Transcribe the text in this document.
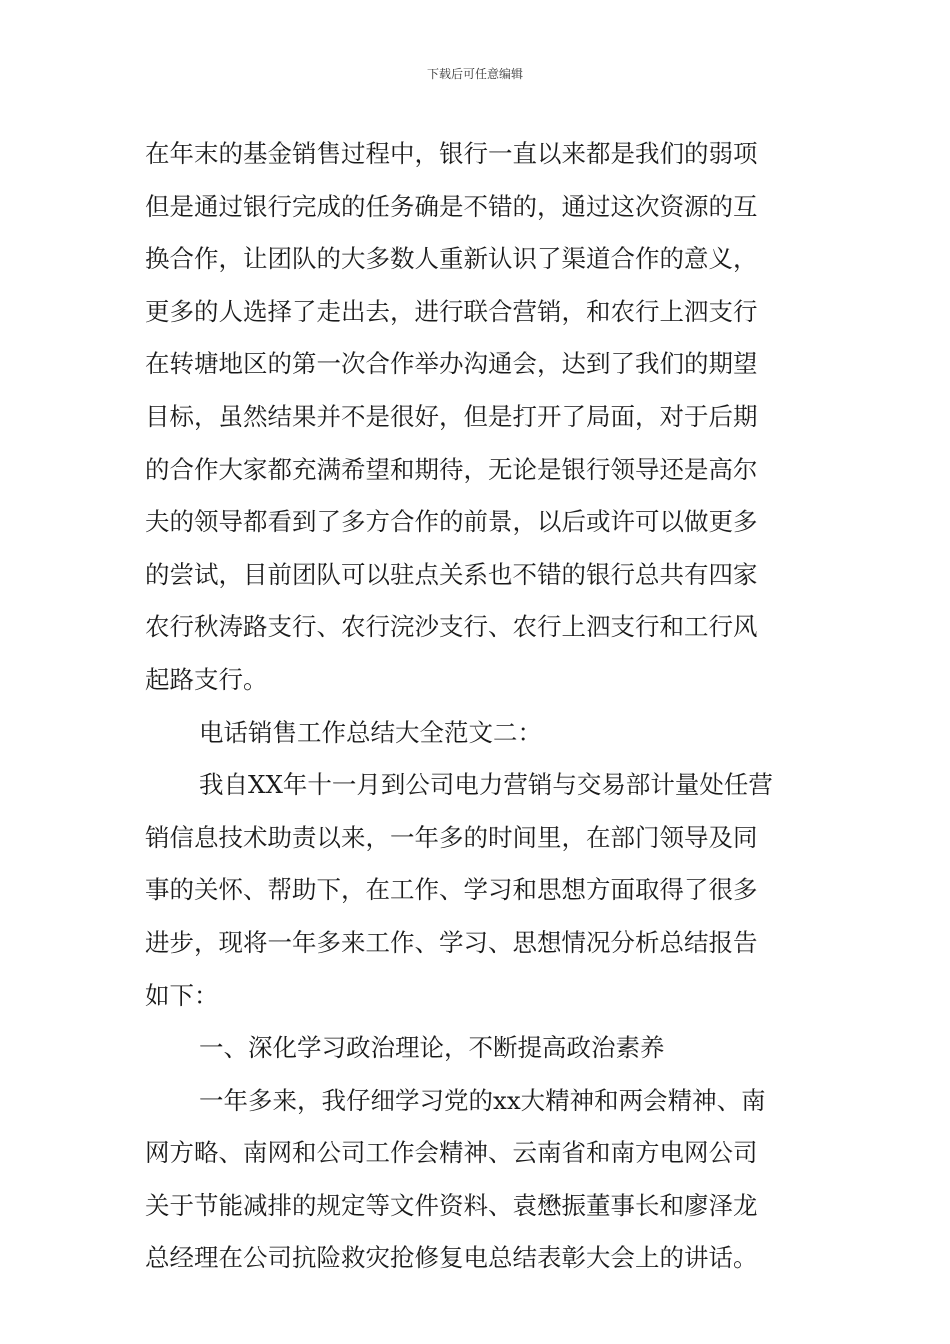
下载后可任意编辑
在年末的基金销售过程中，银行一直以来都是我们的弱项
但是通过银行完成的任务确是不错的，通过这次资源的互
换合作，让团队的大多数人重新认识了渠道合作的意义，
更多的人选择了走出去，进行联合营销，和农行上泗支行
在转塘地区的第一次合作举办沟通会，达到了我们的期望
目标，虽然结果并不是很好，但是打开了局面，对于后期
的合作大家都充满希望和期待，无论是银行领导还是高尔
夫的领导都看到了多方合作的前景，以后或许可以做更多
的尝试，目前团队可以驻点关系也不错的银行总共有四家
农行秋涛路支行、农行浣沙支行、农行上泗支行和工行风
起路支行。
电话销售工作总结大全范文二：
我自XX年十一月到公司电力营销与交易部计量处任营
销信息技术助责以来，一年多的时间里，在部门领导及同
事的关怀、帮助下，在工作、学习和思想方面取得了很多
进步，现将一年多来工作、学习、思想情况分析总结报告
如下：
一、深化学习政治理论，不断提高政治素养
一年多来，我仔细学习党的xx大精神和两会精神、南
网方略、南网和公司工作会精神、云南省和南方电网公司
关于节能减排的规定等文件资料、袁懋振董事长和廖泽龙
总经理在公司抗险救灾抢修复电总结表彰大会上的讲话。
